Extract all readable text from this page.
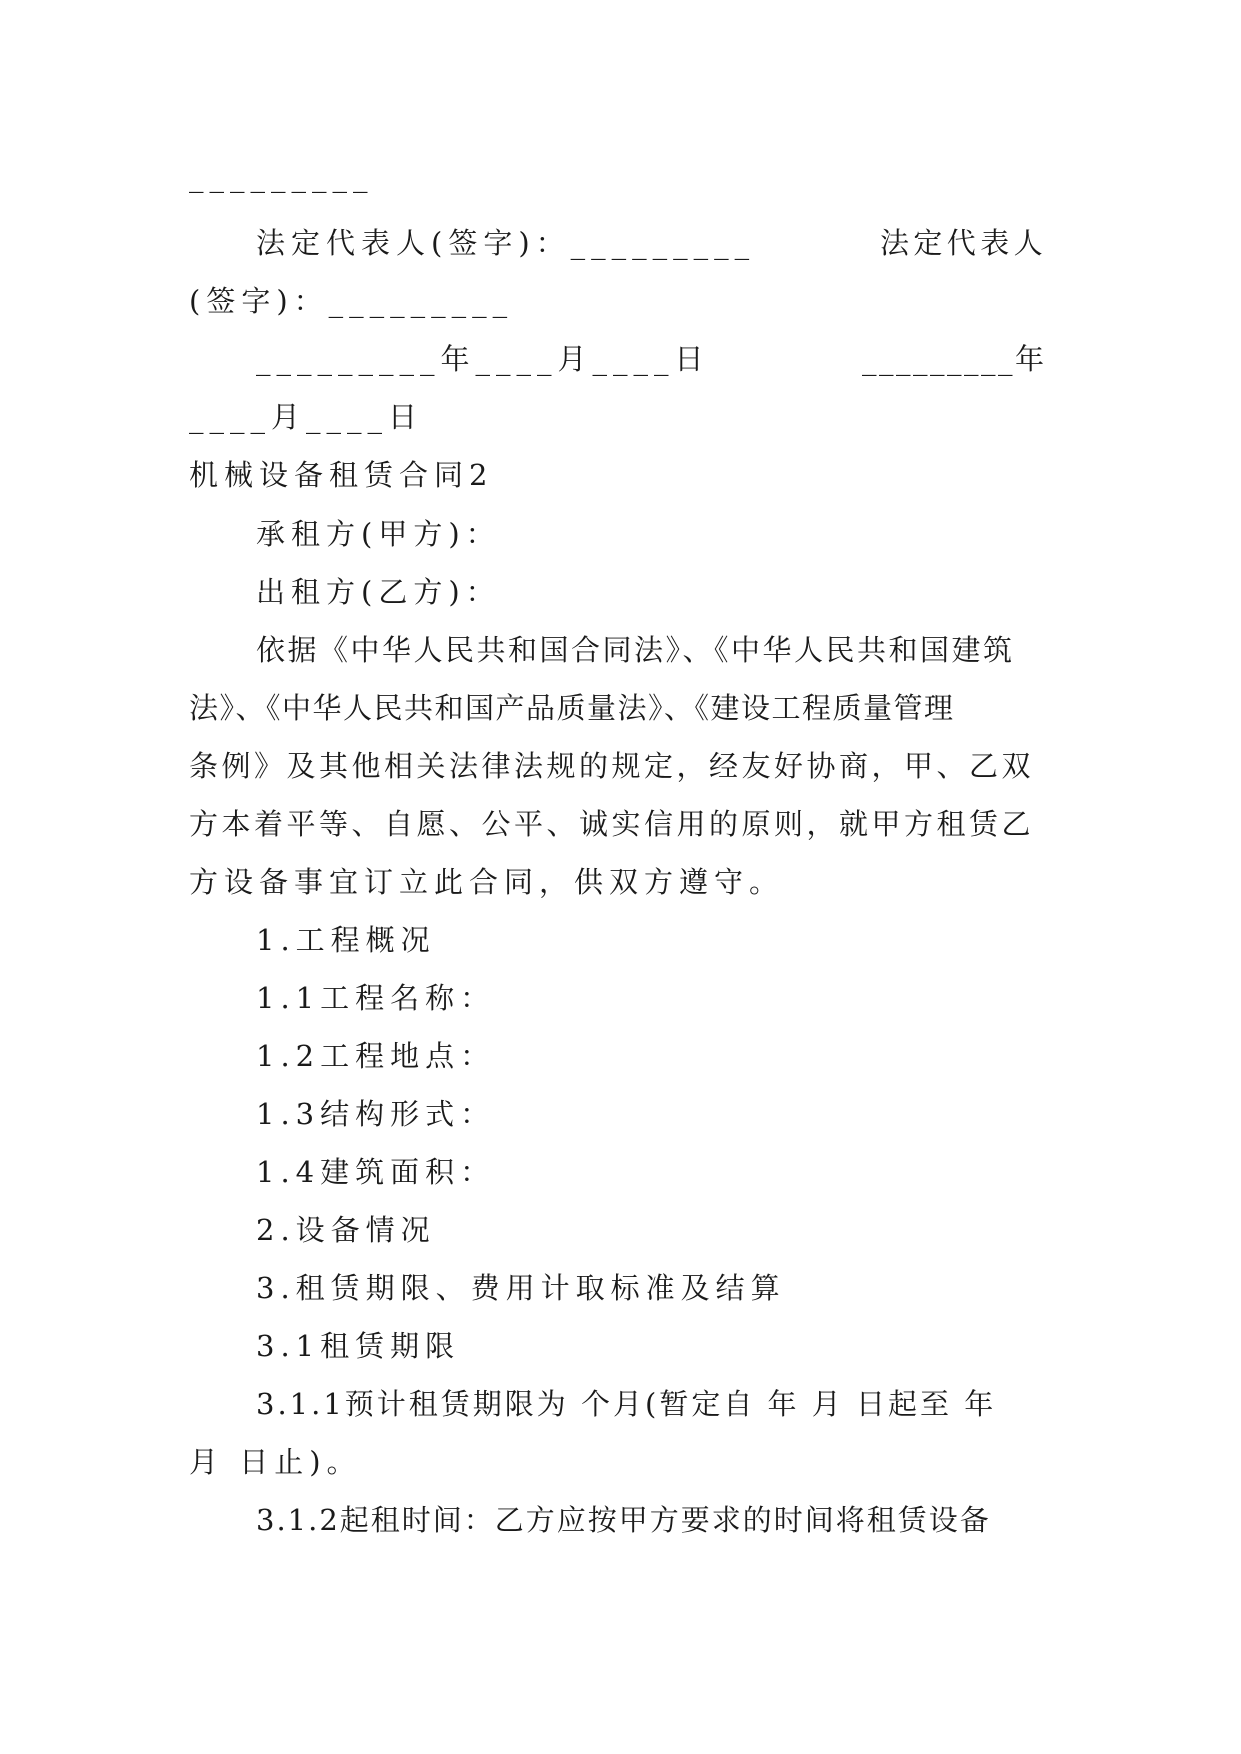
_________
法定代表人(签字)：_________	法定代表人
(签字)：_________
_________年____月____日	_________年
____月____日
机械设备租赁合同2
承租方(甲方)：
出租方(乙方)：
依据《中华人民共和国合同法》、《中华人民共和国建筑
法》、《中华人民共和国产品质量法》、《建设工程质量管理
条例》及其他相关法律法规的规定，经友好协商，甲、乙双
方本着平等、自愿、公平、诚实信用的原则，就甲方租赁乙
方设备事宜订立此合同，供双方遵守。
1.工程概况
1.1工程名称：
1.2工程地点：
1.3结构形式：
1.4建筑面积：
2.设备情况
3.租赁期限、费用计取标准及结算
3.1租赁期限
3.1.1预计租赁期限为 个月(暂定自 年 月 日起至 年
月 日止)。
3.1.2起租时间：乙方应按甲方要求的时间将租赁设备
